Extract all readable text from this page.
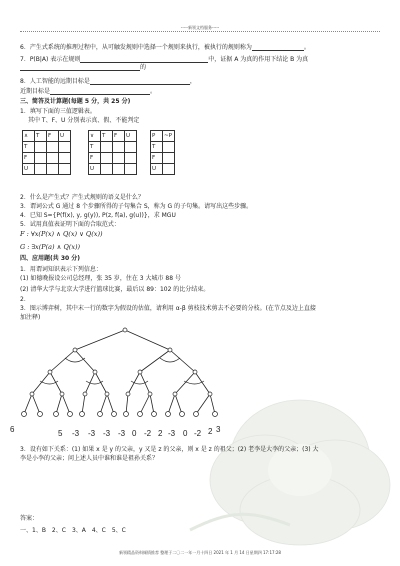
-----新领文档服务-----
6．产生式系统的推理过程中，从可触发规则中选择一个规则来执行，被执行的规则称为	。
7．P(B|A) 表示在规则	中，证据 A 为真的作用下结论 B 为真
的
8．人工智能的远期目标是	，
近期目标是	。
三、简答及计算题(每题 5 分，共 25 分)
1．填写下面的三值逻辑表。
其中 T、F、U 分别表示真、假、不能判定
∧	T	F	U
T			
F			
U			
∨	T	F	U
T			
F			
U			
P	~P
T	
F	
U	
2．什么是产生式？产生式规则的语义是什么？
3．谓词公式 G 通过 8 个步骤所得的子句集合 S，称为 G 的子句集。请写出这些步骤。
4．已知 S={P(f(x), y, g(y)), P(z, f(a), g(u))}，求 MGU
5．试用真值表证明下面的合取范式：
F : ∀x(P(x) ∧ Q(x) ∨ Q(x))
G : ∃x(P(a) ∧ Q(x))
四、应用题(共 30 分)
1．用谓词知识表示下列信息：
(1) 如德晚报设公司总经理，张 35 岁，住在 3 大城市 88 号
(2) 清华大学与北京大学进行篮球比赛，最后以 89：102 的比分结束。
2．
3．图示博弈树，其中末一行的数字为假设的估值，请利用 α-β 剪枝技术剪去不必要的分枝。(在节点及边上直接
加注释)
6	5 -3 -3 -3 -3 0 -2 2 -3 0 -2 2 3
3．设有如下关系：(1) 如果 x 是 y 的父亲，y 又是 z 的父亲，则 x 是 z 的祖父；(2) 老李是大李的父亲；(3) 大
李是小李的父亲；问上述人员中谁和谁是祖孙关系？
答案：
一、1、B　2、C　3、A　4、C　5、C
新领精品资料倾情推荐 整理于二〇二一年一月十四日 2021 年 1 月 14 日星期四 17:17:28
